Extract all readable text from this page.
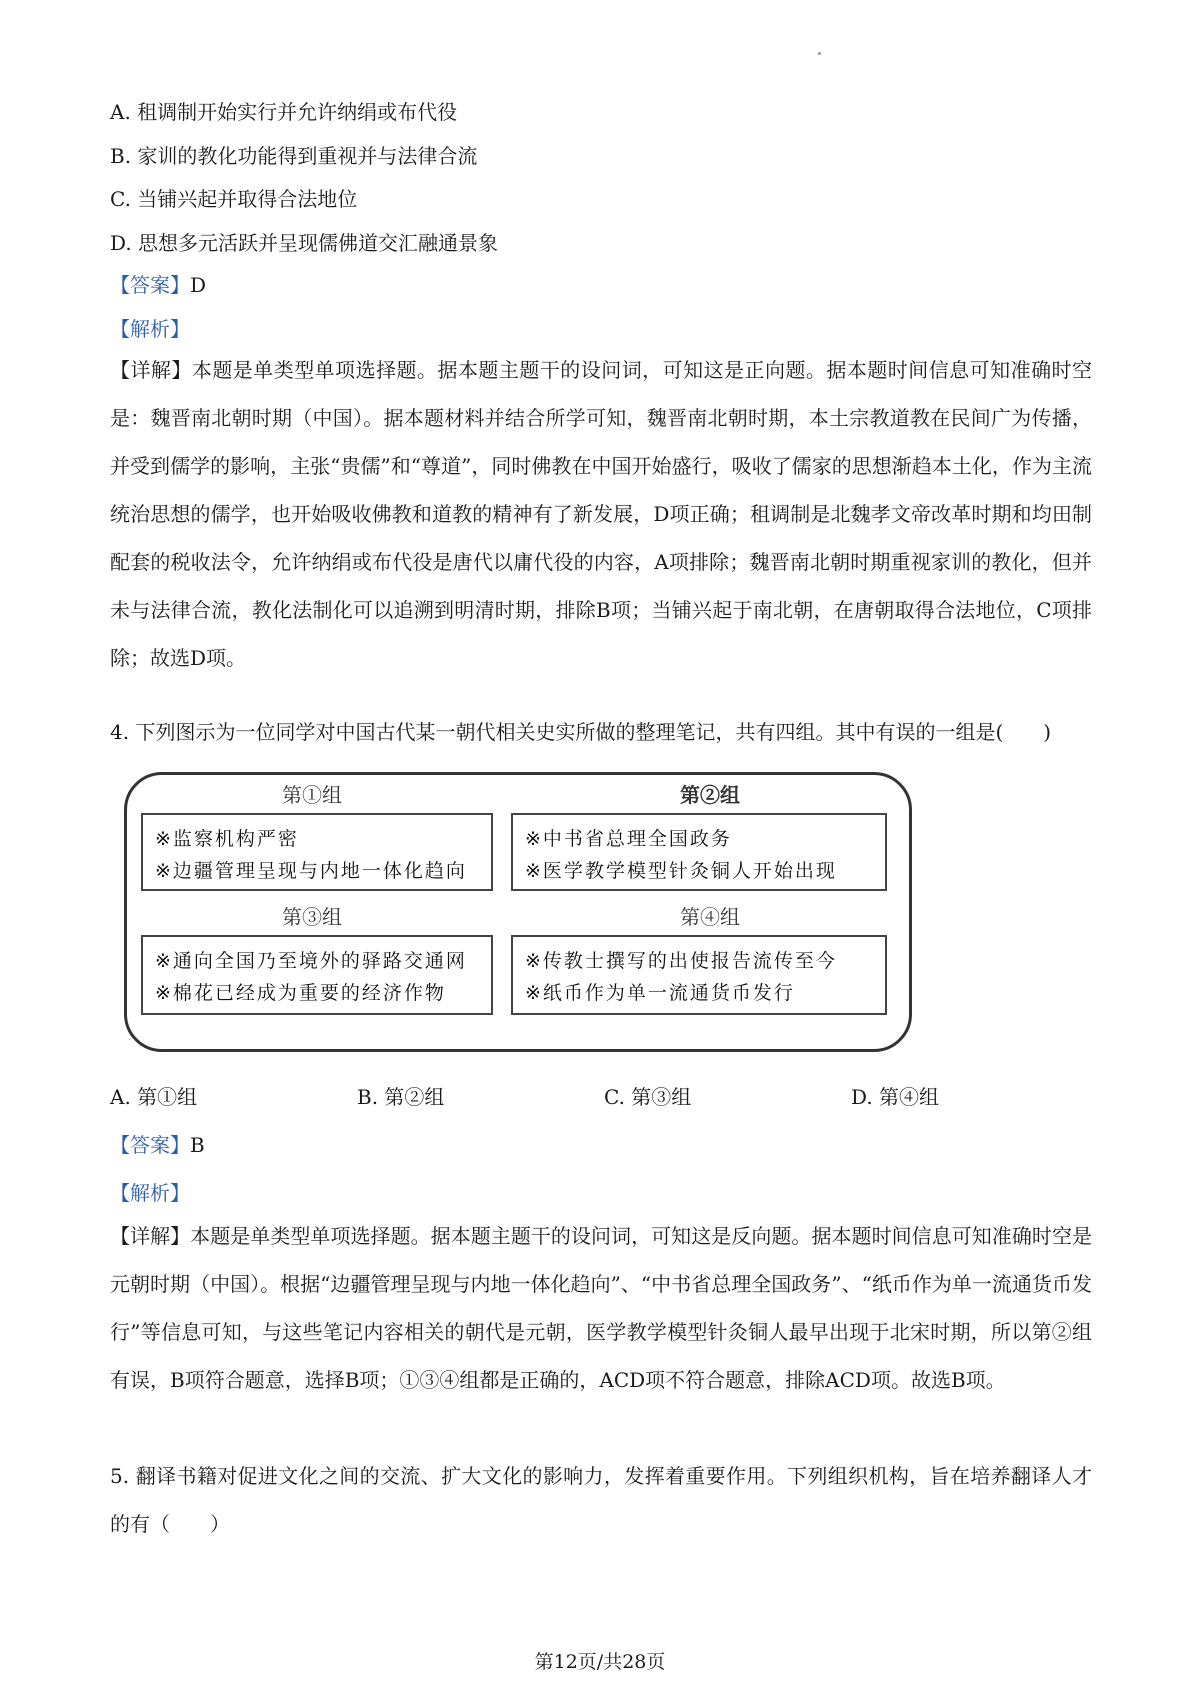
A. 租调制开始实行并允许纳绢或布代役
B. 家训的教化功能得到重视并与法律合流
C. 当铺兴起并取得合法地位
D. 思想多元活跃并呈现儒佛道交汇融通景象
【答案】D
【解析】
【详解】本题是单类型单项选择题。据本题主题干的设问词，可知这是正向题。据本题时间信息可知准确时空是：魏晋南北朝时期（中国）。据本题材料并结合所学可知，魏晋南北朝时期，本土宗教道教在民间广为传播，并受到儒学的影响，主张“贵儒”和“尊道”，同时佛教在中国开始盛行，吸收了儒家的思想渐趋本土化，作为主流统治思想的儒学，也开始吸收佛教和道教的精神有了新发展，D项正确；租调制是北魏孝文帝改革时期和均田制配套的税收法令，允许纳绢或布代役是唐代以庸代役的内容，A项排除；魏晋南北朝时期重视家训的教化，但并未与法律合流，教化法制化可以追溯到明清时期，排除B项；当铺兴起于南北朝，在唐朝取得合法地位，C项排除；故选D项。
4. 下列图示为一位同学对中国古代某一朝代相关史实所做的整理笔记，共有四组。其中有误的一组是(　　)
第①组
※监察机构严密
※边疆管理呈现与内地一体化趋向
第②组
※中书省总理全国政务
※医学教学模型针灸铜人开始出现
第③组
※通向全国乃至境外的驿路交通网
※棉花已经成为重要的经济作物
第④组
※传教士撰写的出使报告流传至今
※纸币作为单一流通货币发行
A. 第①组	B. 第②组	C. 第③组	D. 第④组
【答案】B
【解析】
【详解】本题是单类型单项选择题。据本题主题干的设问词，可知这是反向题。据本题时间信息可知准确时空是元朝时期（中国）。根据“边疆管理呈现与内地一体化趋向”、“中书省总理全国政务”、“纸币作为单一流通货币发行”等信息可知，与这些笔记内容相关的朝代是元朝，医学教学模型针灸铜人最早出现于北宋时期，所以第②组有误，B项符合题意，选择B项；①③④组都是正确的，ACD项不符合题意，排除ACD项。故选B项。
5. 翻译书籍对促进文化之间的交流、扩大文化的影响力，发挥着重要作用。下列组织机构，旨在培养翻译人才的有（　　）
第12页/共28页
